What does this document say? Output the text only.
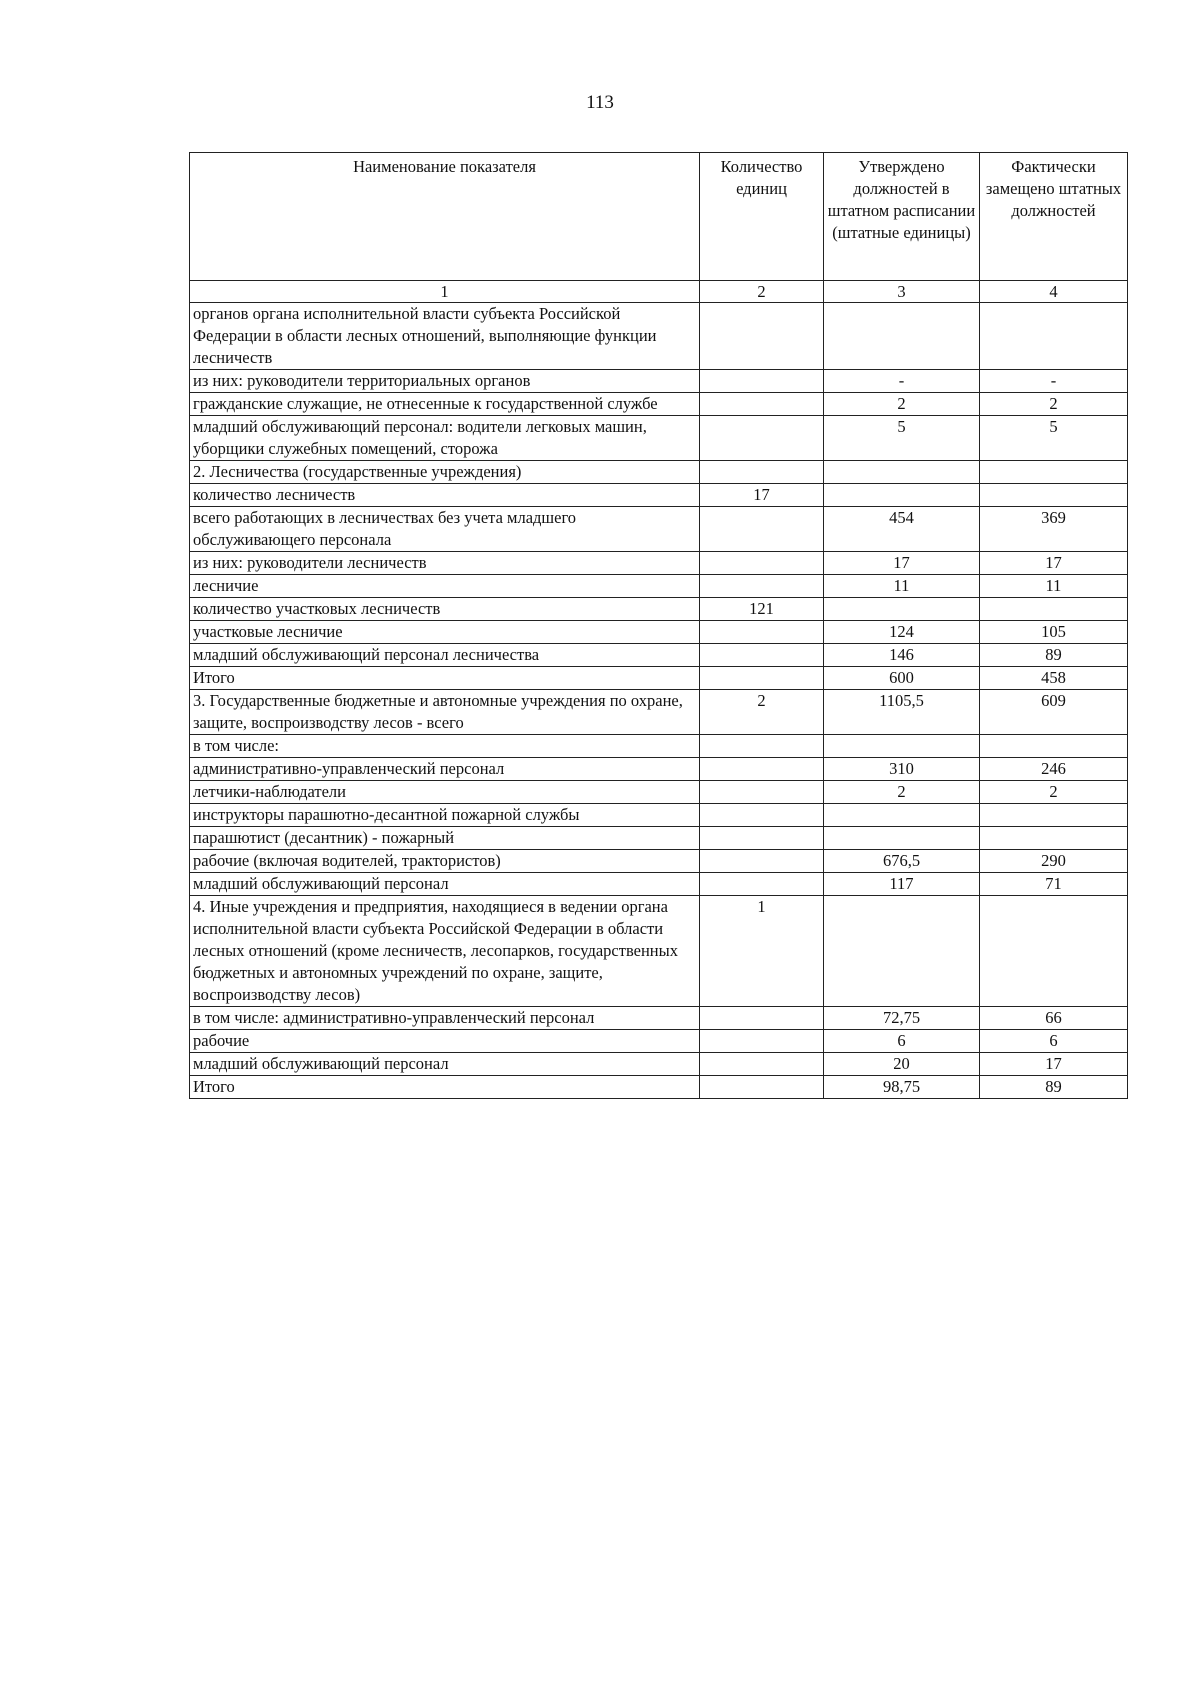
113
Наименование показателя	Количество единиц	Утверждено должностей в штатном расписании (штатные единицы)	Фактически замещено штатных должностей
1	2	3	4
органов органа исполнительной власти субъекта Российской Федерации в области лесных отношений, выполняющие функции лесничеств			
из них: руководители территориальных органов		-	-
гражданские служащие, не отнесенные к государственной службе		2	2
младший обслуживающий персонал: водители легковых машин, уборщики служебных помещений, сторожа		5	5
2. Лесничества (государственные учреждения)			
количество лесничеств	17		
всего работающих в лесничествах без учета младшего обслуживающего персонала		454	369
из них: руководители лесничеств		17	17
лесничие		11	11
количество участковых лесничеств	121		
участковые лесничие		124	105
младший обслуживающий персонал лесничества		146	89
Итого		600	458
3. Государственные бюджетные и автономные учреждения по охране, защите, воспроизводству лесов - всего	2	1105,5	609
в том числе:			
административно-управленческий персонал		310	246
летчики-наблюдатели		2	2
инструкторы парашютно-десантной пожарной службы			
парашютист (десантник) - пожарный			
рабочие (включая водителей, трактористов)		676,5	290
младший обслуживающий персонал		117	71
4. Иные учреждения и предприятия, находящиеся в ведении органа исполнительной власти субъекта Российской Федерации в области лесных отношений (кроме лесничеств, лесопарков, государственных бюджетных и автономных учреждений по охране, защите, воспроизводству лесов)	1		
в том числе: административно-управленческий персонал		72,75	66
рабочие		6	6
младший обслуживающий персонал		20	17
Итого		98,75	89
